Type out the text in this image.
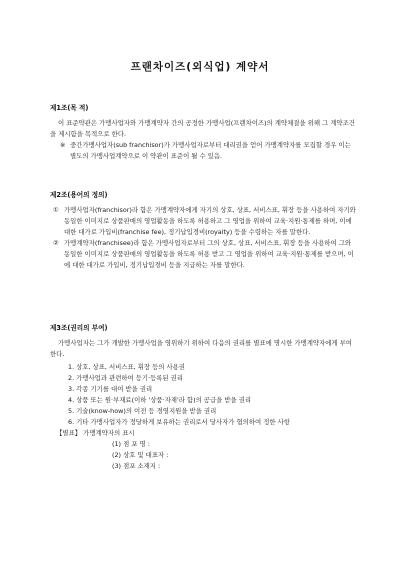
프랜차이즈(외식업) 계약서
제1조(목 적)
이 표준약관은 가맹사업자와 가맹계약자 간의 공정한 가맹사업(프랜차이즈)의 계약체결을 위해 그 계약조건을 제시함을 목적으로 한다.
※ 중간가맹사업자(sub franchisor)가 가맹사업자로부터 대리권을 얻어 가맹계약자를 모집할 경우 이는 별도의 가맹사업계약으로 이 약관이 표준이 될 수 있음.
제2조(용어의 정의)
① 가맹사업자(franchisor)라 함은 가맹계약자에게 자기의 상호, 상표, 서비스표, 휘장 등을 사용하여 자기와 동일한 이미지로 상품판매의 영업활동을 하도록 허용하고 그 영업을 위하여 교육·지원·통제를 하며, 이에 대한 대가로 가입비(franchise fee), 정기납입경비(royalty) 등을 수령하는 자를 말한다.
② 가맹계약자(franchisee)라 함은 가맹사업자로부터 그의 상호, 상표, 서비스표, 휘장 등을 사용하여 그와 동일한 이미지로 상품판매의 영업활동을 하도록 허용 받고 그 영업을 위하여 교육·지원·통제를 받으며, 이에 대한 대가로 가입비, 정기납입경비 등을 지급하는 자를 말한다.
제3조(권리의 부여)
가맹사업자는 그가 개발한 가맹사업을 영위하기 위하여 다음의 권리를 별표에 명시한 가맹계약자에게 부여한다.
1. 상호, 상표, 서비스표, 휘장 등의 사용권
2. 가맹사업과 관련하여 등기·등록된 권리
3. 각종 기기를 대여 받을 권리
4. 상품 또는 원·부재료(이하 '상품·자재'라 함)의 공급을 받을 권리
5. 기술(know-how)의 이전 등 경영지원을 받을 권리
6. 기타 가맹사업자가 정당하게 보유하는 권리로서 당사자가 협의하여 정한 사항
【별표】 가맹계약자의 표시
(1) 점 포 명 :
(2) 상호 및 대표자 :
(3) 점포 소재지 :
